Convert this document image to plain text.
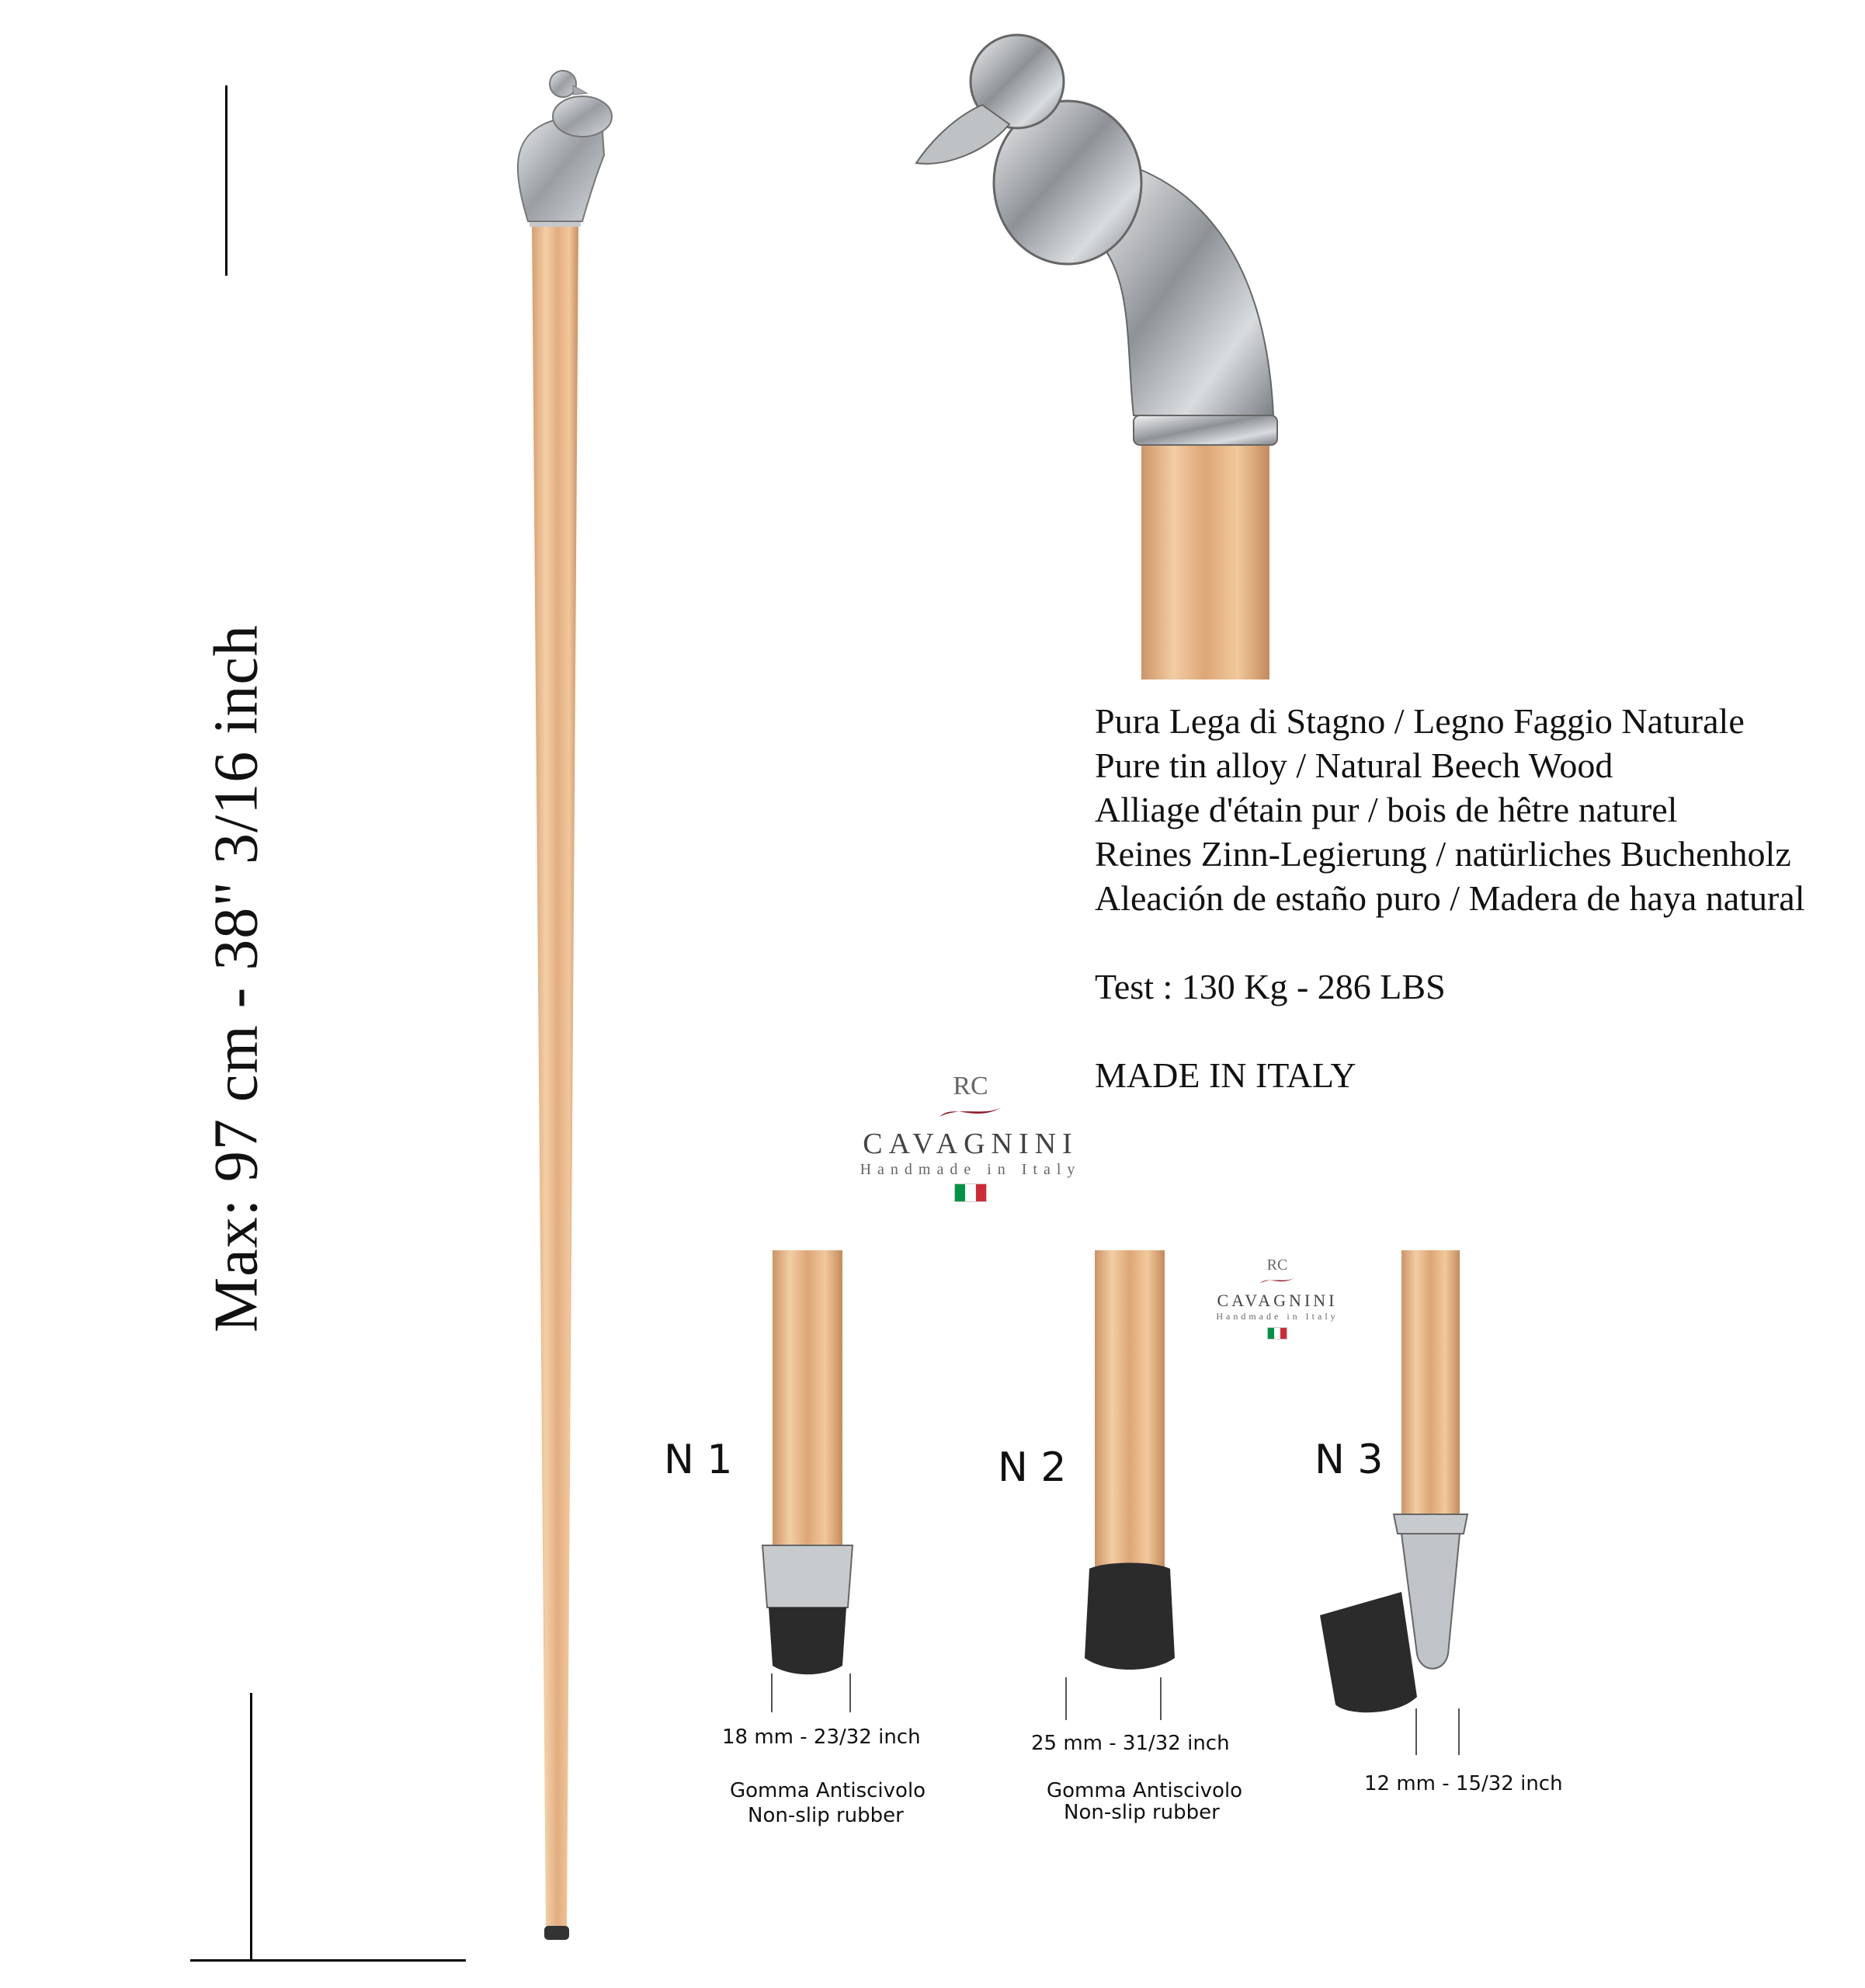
Max: 97 cm - 38" 3/16 inch	Pura Lega di Stagno / Legno Faggio Naturale
Pure tin alloy / Natural Beech Wood
Alliage d'étain pur / bois de hêtre naturel
Reines Zinn-Legierung / natürliches Buchenholz
Aleación de estaño puro / Madera de haya natural
Test : 130 Kg - 286 LBS
MADE IN ITALY
RC
CAVAGNINI
Handmade in Italy
RC
CAVAGNINI
Handmade in Italy
N 1
18 mm - 23/32 inch
Gomma Antiscivolo
Non-slip rubber
N 2
25 mm - 31/32 inch
Gomma Antiscivolo
Non-slip rubber
N 3
12 mm - 15/32 inch
